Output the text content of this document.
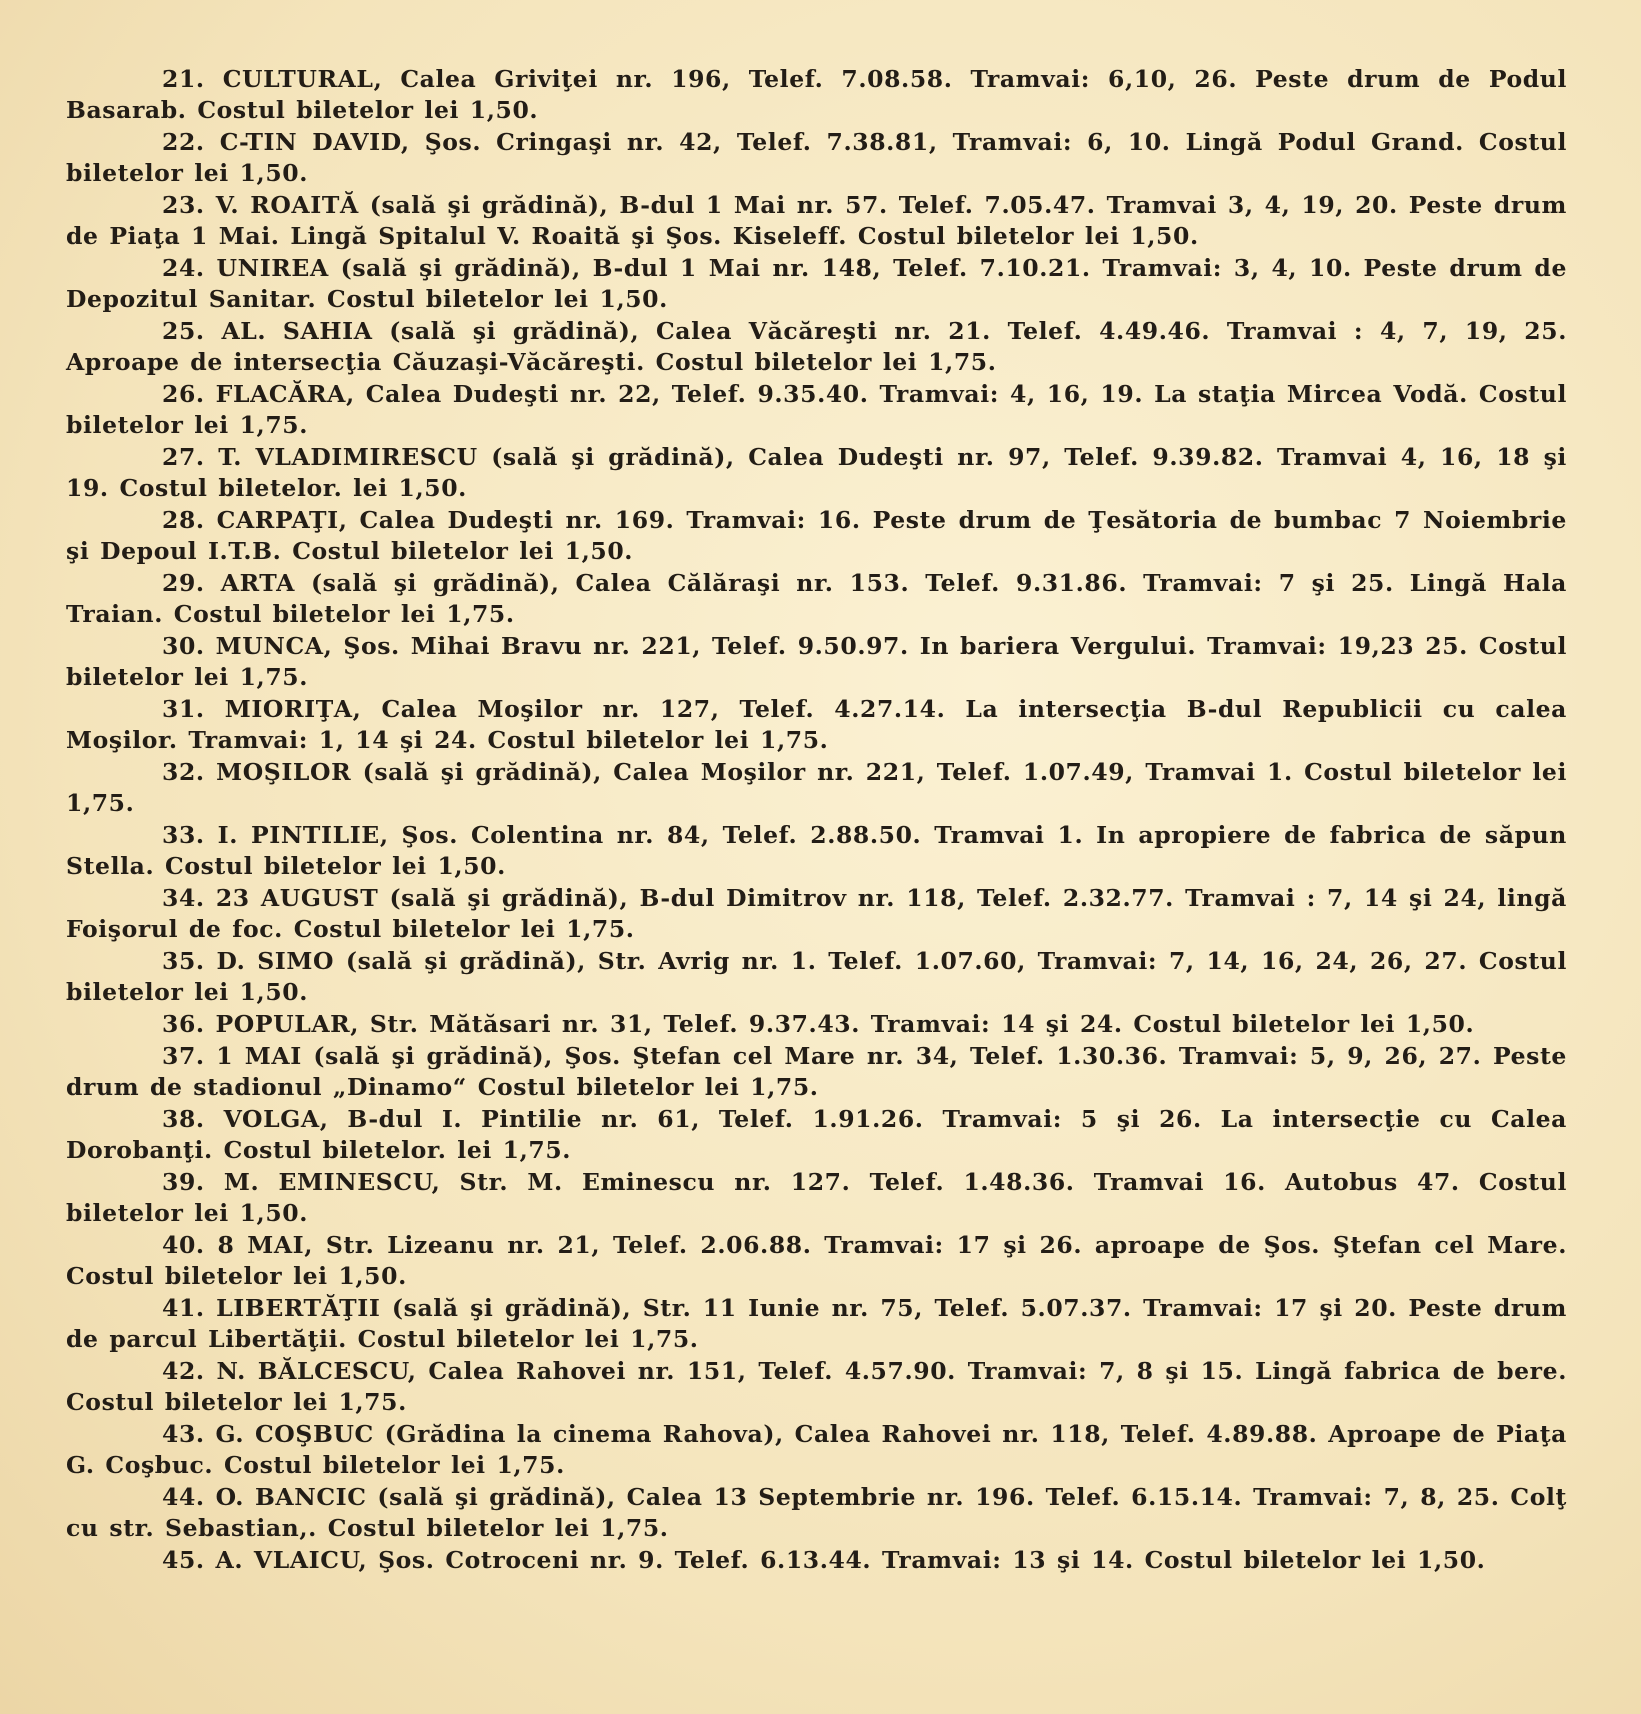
21. CULTURAL, Calea Griviţei nr. 196, Telef. 7.08.58. Tramvai: 6,10, 26. Peste drum de Podul Basarab. Costul biletelor lei 1,50.
22. C-TIN DAVID, Şos. Cringaşi nr. 42, Telef. 7.38.81, Tramvai: 6, 10. Lingă Podul Grand. Costul biletelor lei 1,50.
23. V. ROAITĂ (sală şi grădină), B-dul 1 Mai nr. 57. Telef. 7.05.47. Tramvai 3, 4, 19, 20. Peste drum de Piaţa 1 Mai. Lingă Spitalul V. Roaită şi Şos. Kiseleff. Costul biletelor lei 1,50.
24. UNIREA (sală şi grădină), B-dul 1 Mai nr. 148, Telef. 7.10.21. Tramvai: 3, 4, 10. Peste drum de Depozitul Sanitar. Costul biletelor lei 1,50.
25. AL. SAHIA (sală şi grădină), Calea Văcăreşti nr. 21. Telef. 4.49.46. Tramvai : 4, 7, 19, 25. Aproape de intersecţia Căuzaşi-Văcăreşti. Costul biletelor lei 1,75.
26. FLACĂRA, Calea Dudeşti nr. 22, Telef. 9.35.40. Tramvai: 4, 16, 19. La staţia Mircea Vodă. Costul biletelor lei 1,75.
27. T. VLADIMIRESCU (sală şi grădină), Calea Dudeşti nr. 97, Telef. 9.39.82. Tramvai 4, 16, 18 şi 19. Costul biletelor. lei 1,50.
28. CARPAŢI, Calea Dudeşti nr. 169. Tramvai: 16. Peste drum de Ţesătoria de bumbac 7 Noiembrie şi Depoul I.T.B. Costul biletelor lei 1,50.
29. ARTA (sală şi grădină), Calea Călăraşi nr. 153. Telef. 9.31.86. Tramvai: 7 şi 25. Lingă Hala Traian. Costul biletelor lei 1,75.
30. MUNCA, Şos. Mihai Bravu nr. 221, Telef. 9.50.97. In bariera Vergului. Tramvai: 19,23 25. Costul biletelor lei 1,75.
31. MIORIŢA, Calea Moşilor nr. 127, Telef. 4.27.14. La intersecţia B-dul Republicii cu calea Moşilor. Tramvai: 1, 14 şi 24. Costul biletelor lei 1,75.
32. MOŞILOR (sală şi grădină), Calea Moşilor nr. 221, Telef. 1.07.49, Tramvai 1. Costul biletelor lei 1,75.
33. I. PINTILIE, Şos. Colentina nr. 84, Telef. 2.88.50. Tramvai 1. In apropiere de fabrica de săpun Stella. Costul biletelor lei 1,50.
34. 23 AUGUST (sală şi grădină), B-dul Dimitrov nr. 118, Telef. 2.32.77. Tramvai : 7, 14 şi 24, lingă Foişorul de foc. Costul biletelor lei 1,75.
35. D. SIMO (sală şi grădină), Str. Avrig nr. 1. Telef. 1.07.60, Tramvai: 7, 14, 16, 24, 26, 27. Costul biletelor lei 1,50.
36. POPULAR, Str. Mătăsari nr. 31, Telef. 9.37.43. Tramvai: 14 şi 24. Costul biletelor lei 1,50.
37. 1 MAI (sală şi grădină), Şos. Ştefan cel Mare nr. 34, Telef. 1.30.36. Tramvai: 5, 9, 26, 27. Peste drum de stadionul „Dinamo“ Costul biletelor lei 1,75.
38. VOLGA, B-dul I. Pintilie nr. 61, Telef. 1.91.26. Tramvai: 5 şi 26. La intersecţie cu Calea Dorobanţi. Costul biletelor. lei 1,75.
39. M. EMINESCU, Str. M. Eminescu nr. 127. Telef. 1.48.36. Tramvai 16. Autobus 47. Costul biletelor lei 1,50.
40. 8 MAI, Str. Lizeanu nr. 21, Telef. 2.06.88. Tramvai: 17 şi 26. aproape de Şos. Ştefan cel Mare. Costul biletelor lei 1,50.
41. LIBERTĂŢII (sală şi grădină), Str. 11 Iunie nr. 75, Telef. 5.07.37. Tramvai: 17 şi 20. Peste drum de parcul Libertăţii. Costul biletelor lei 1,75.
42. N. BĂLCESCU, Calea Rahovei nr. 151, Telef. 4.57.90. Tramvai: 7, 8 şi 15. Lingă fabrica de bere. Costul biletelor lei 1,75.
43. G. COŞBUC (Grădina la cinema Rahova), Calea Rahovei nr. 118, Telef. 4.89.88. Aproape de Piaţa G. Coşbuc. Costul biletelor lei 1,75.
44. O. BANCIC (sală şi grădină), Calea 13 Septembrie nr. 196. Telef. 6.15.14. Tramvai: 7, 8, 25. Colţ cu str. Sebastian,. Costul biletelor lei 1,75.
45. A. VLAICU, Şos. Cotroceni nr. 9. Telef. 6.13.44. Tramvai: 13 şi 14. Costul biletelor lei 1,50.
